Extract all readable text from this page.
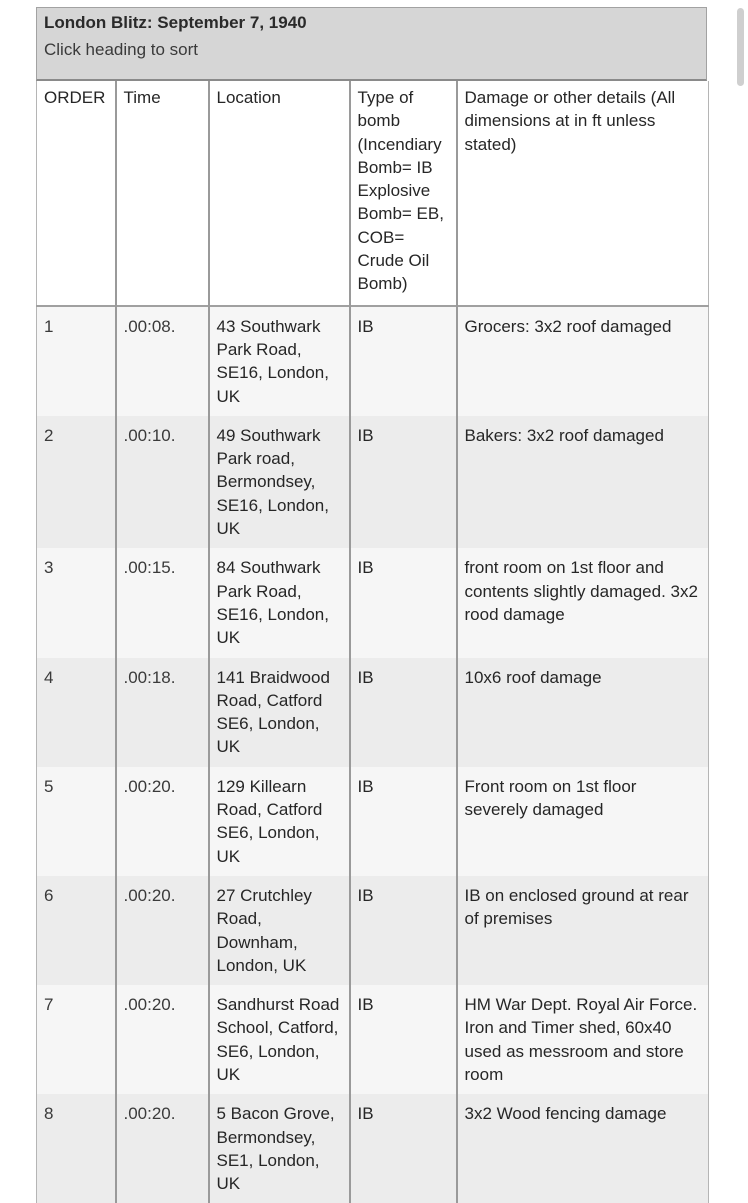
London Blitz: September 7, 1940
Click heading to sort
ORDER	Time	Location	Type of bomb (Incendiary Bomb= IB Explosive Bomb= EB, COB= Crude Oil Bomb)	Damage or other details (All dimensions at in ft unless stated)
1	.00:08.	43 Southwark Park Road, SE16, London, UK	IB	Grocers: 3x2 roof damaged
2	.00:10.	49 Southwark Park road, Bermondsey, SE16, London, UK	IB	Bakers: 3x2 roof damaged
3	.00:15.	84 Southwark Park Road, SE16, London, UK	IB	front room on 1st floor and contents slightly damaged. 3x2 rood damage
4	.00:18.	141 Braidwood Road, Catford SE6, London, UK	IB	10x6 roof damage
5	.00:20.	129 Killearn Road, Catford SE6, London, UK	IB	Front room on 1st floor severely damaged
6	.00:20.	27 Crutchley Road, Downham, London, UK	IB	IB on enclosed ground at rear of premises
7	.00:20.	Sandhurst Road School, Catford, SE6, London, UK	IB	HM War Dept. Royal Air Force. Iron and Timer shed, 60x40 used as messroom and store room
8	.00:20.	5 Bacon Grove, Bermondsey, SE1, London, UK	IB	3x2 Wood fencing damage
